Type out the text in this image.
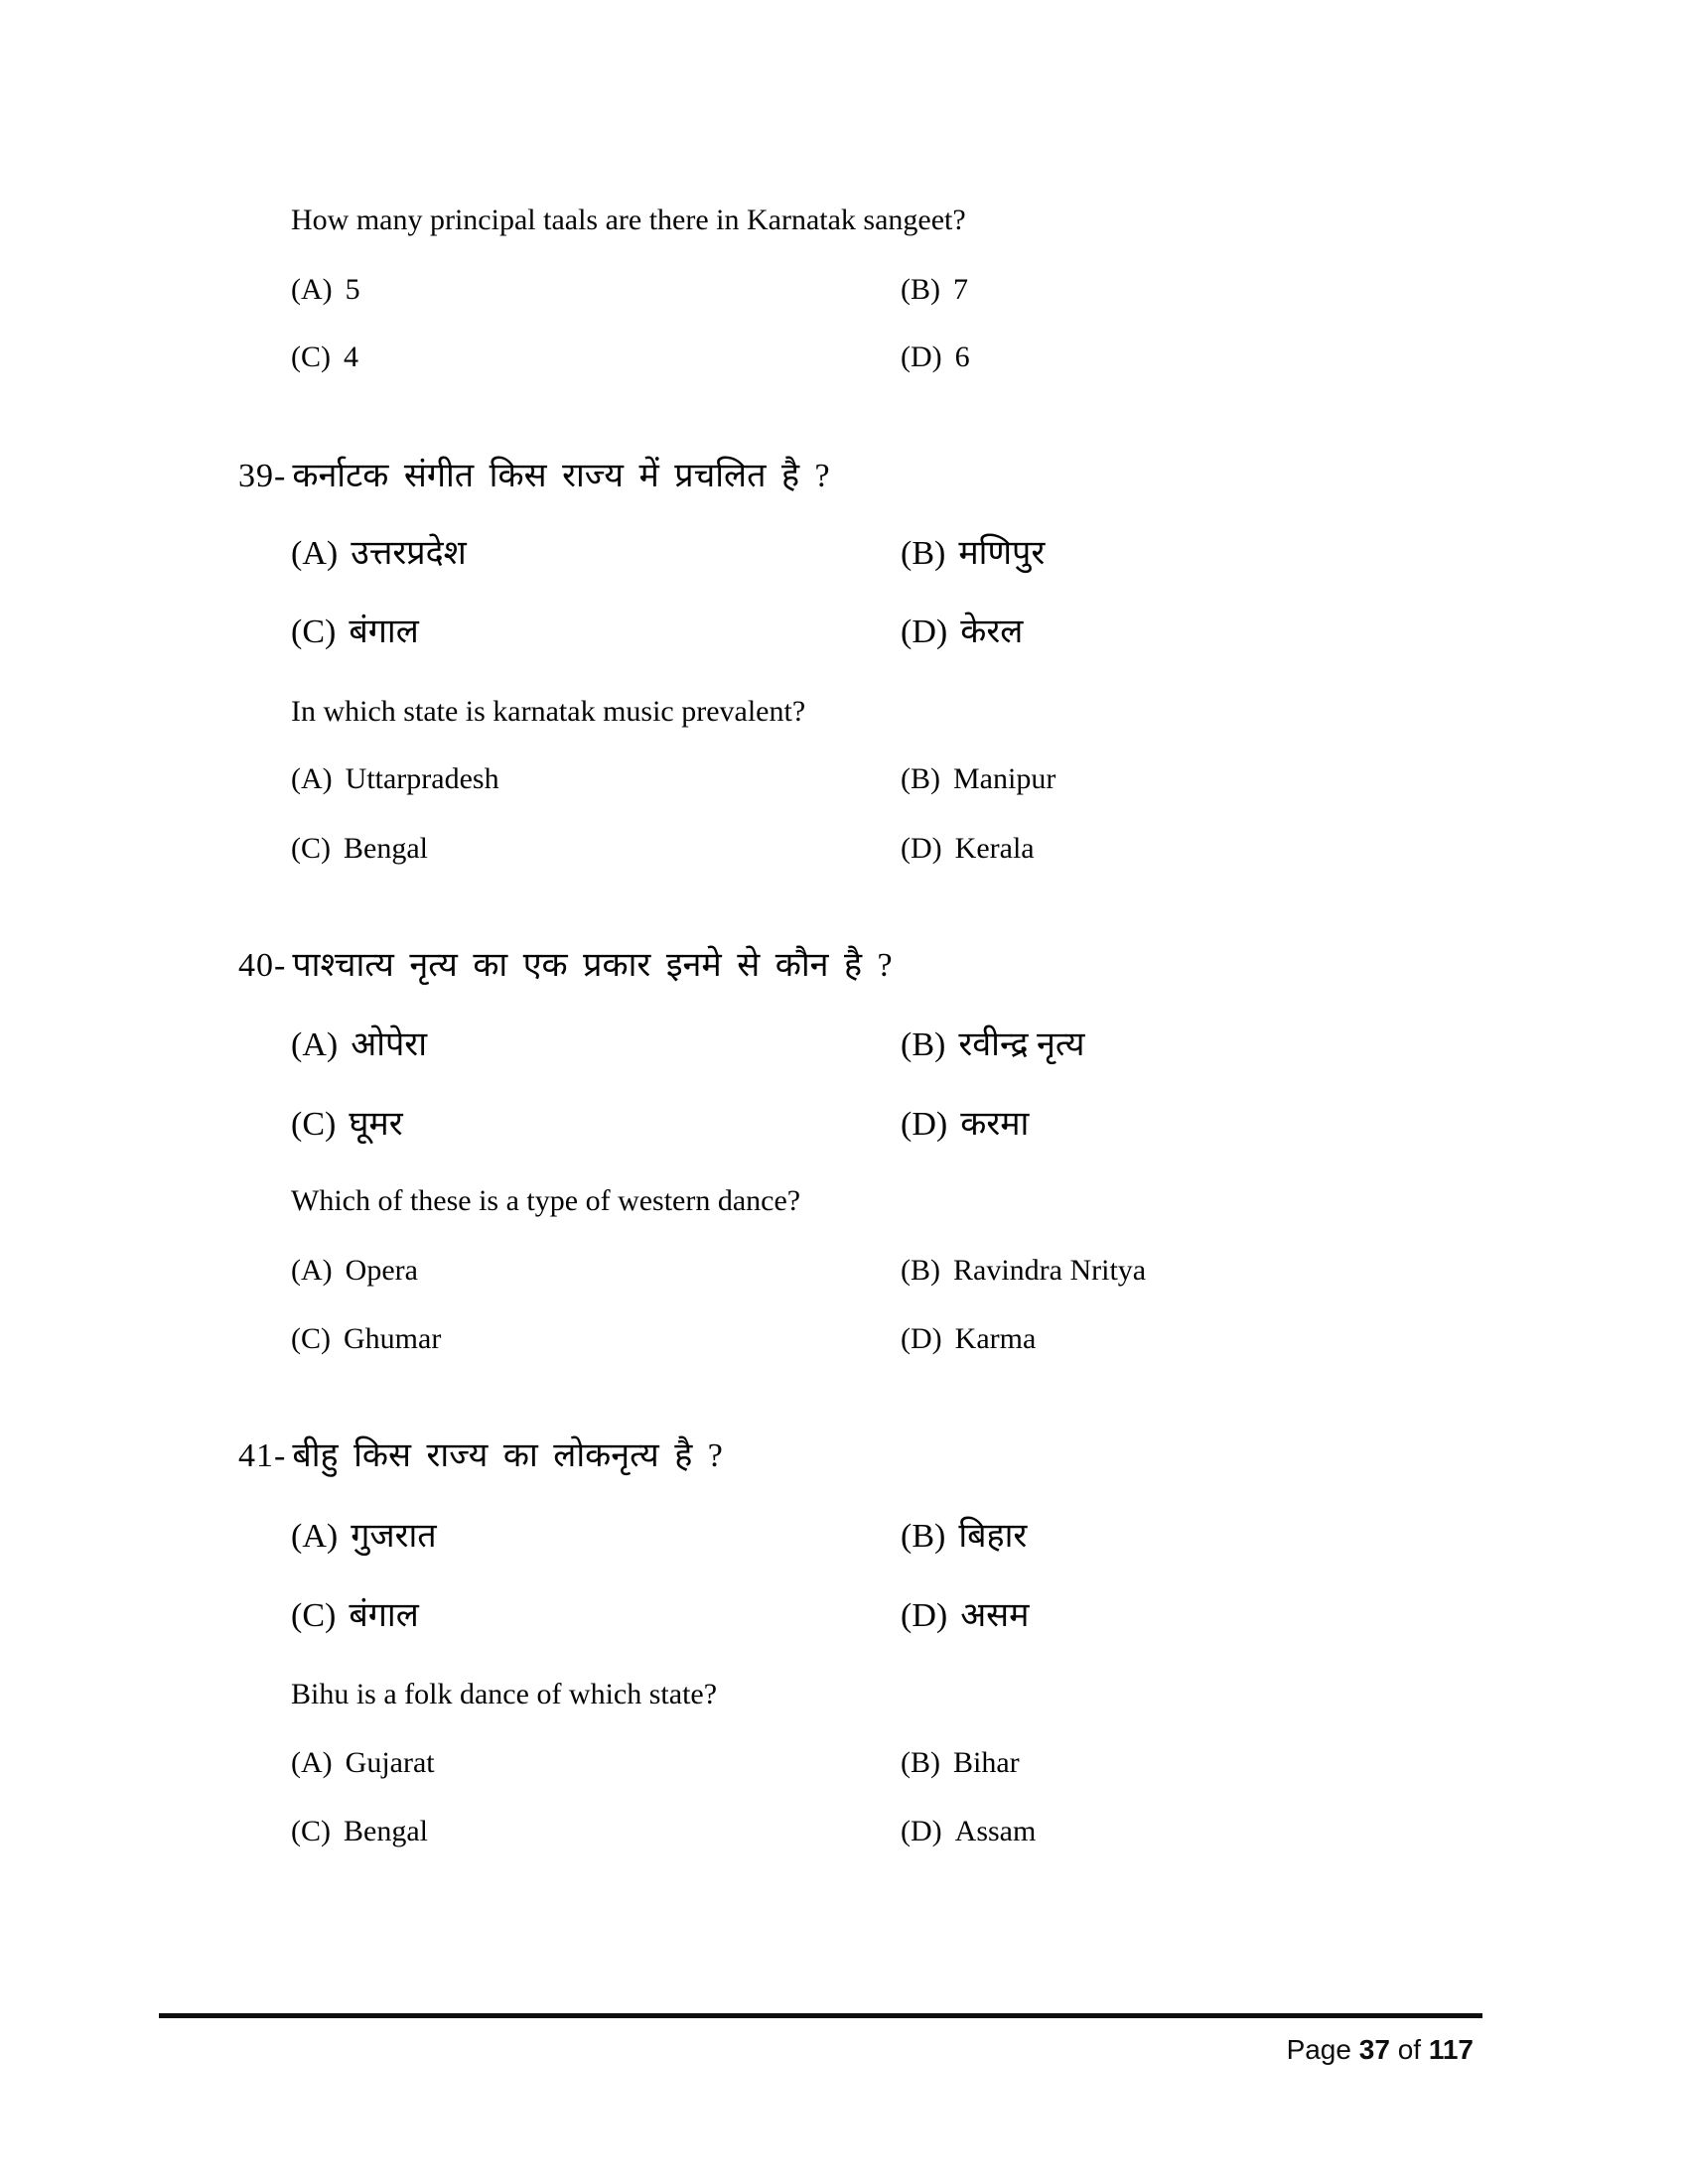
How many principal taals are there in Karnatak sangeet?
(A) 5	(B) 7
(C) 4	(D) 6
39- कर्नाटक संगीत किस राज्य में प्रचलित है ?
(A) उत्तरप्रदेश	(B) मणिपुर
(C) बंगाल	(D) केरल
In which state is karnatak music prevalent?
(A) Uttarpradesh	(B) Manipur
(C) Bengal	(D) Kerala
40- पाश्चात्य नृत्य का एक प्रकार इनमे से कौन है ?
(A) ओपेरा	(B) रवीन्द्र नृत्य
(C) घूमर	(D) करमा
Which of these is a type of western dance?
(A) Opera	(B) Ravindra Nritya
(C) Ghumar	(D) Karma
41- बीहु किस राज्य का लोकनृत्य है ?
(A) गुजरात	(B) बिहार
(C) बंगाल	(D) असम
Bihu is a folk dance of which state?
(A) Gujarat	(B) Bihar
(C) Bengal	(D) Assam
Page 37 of 117
